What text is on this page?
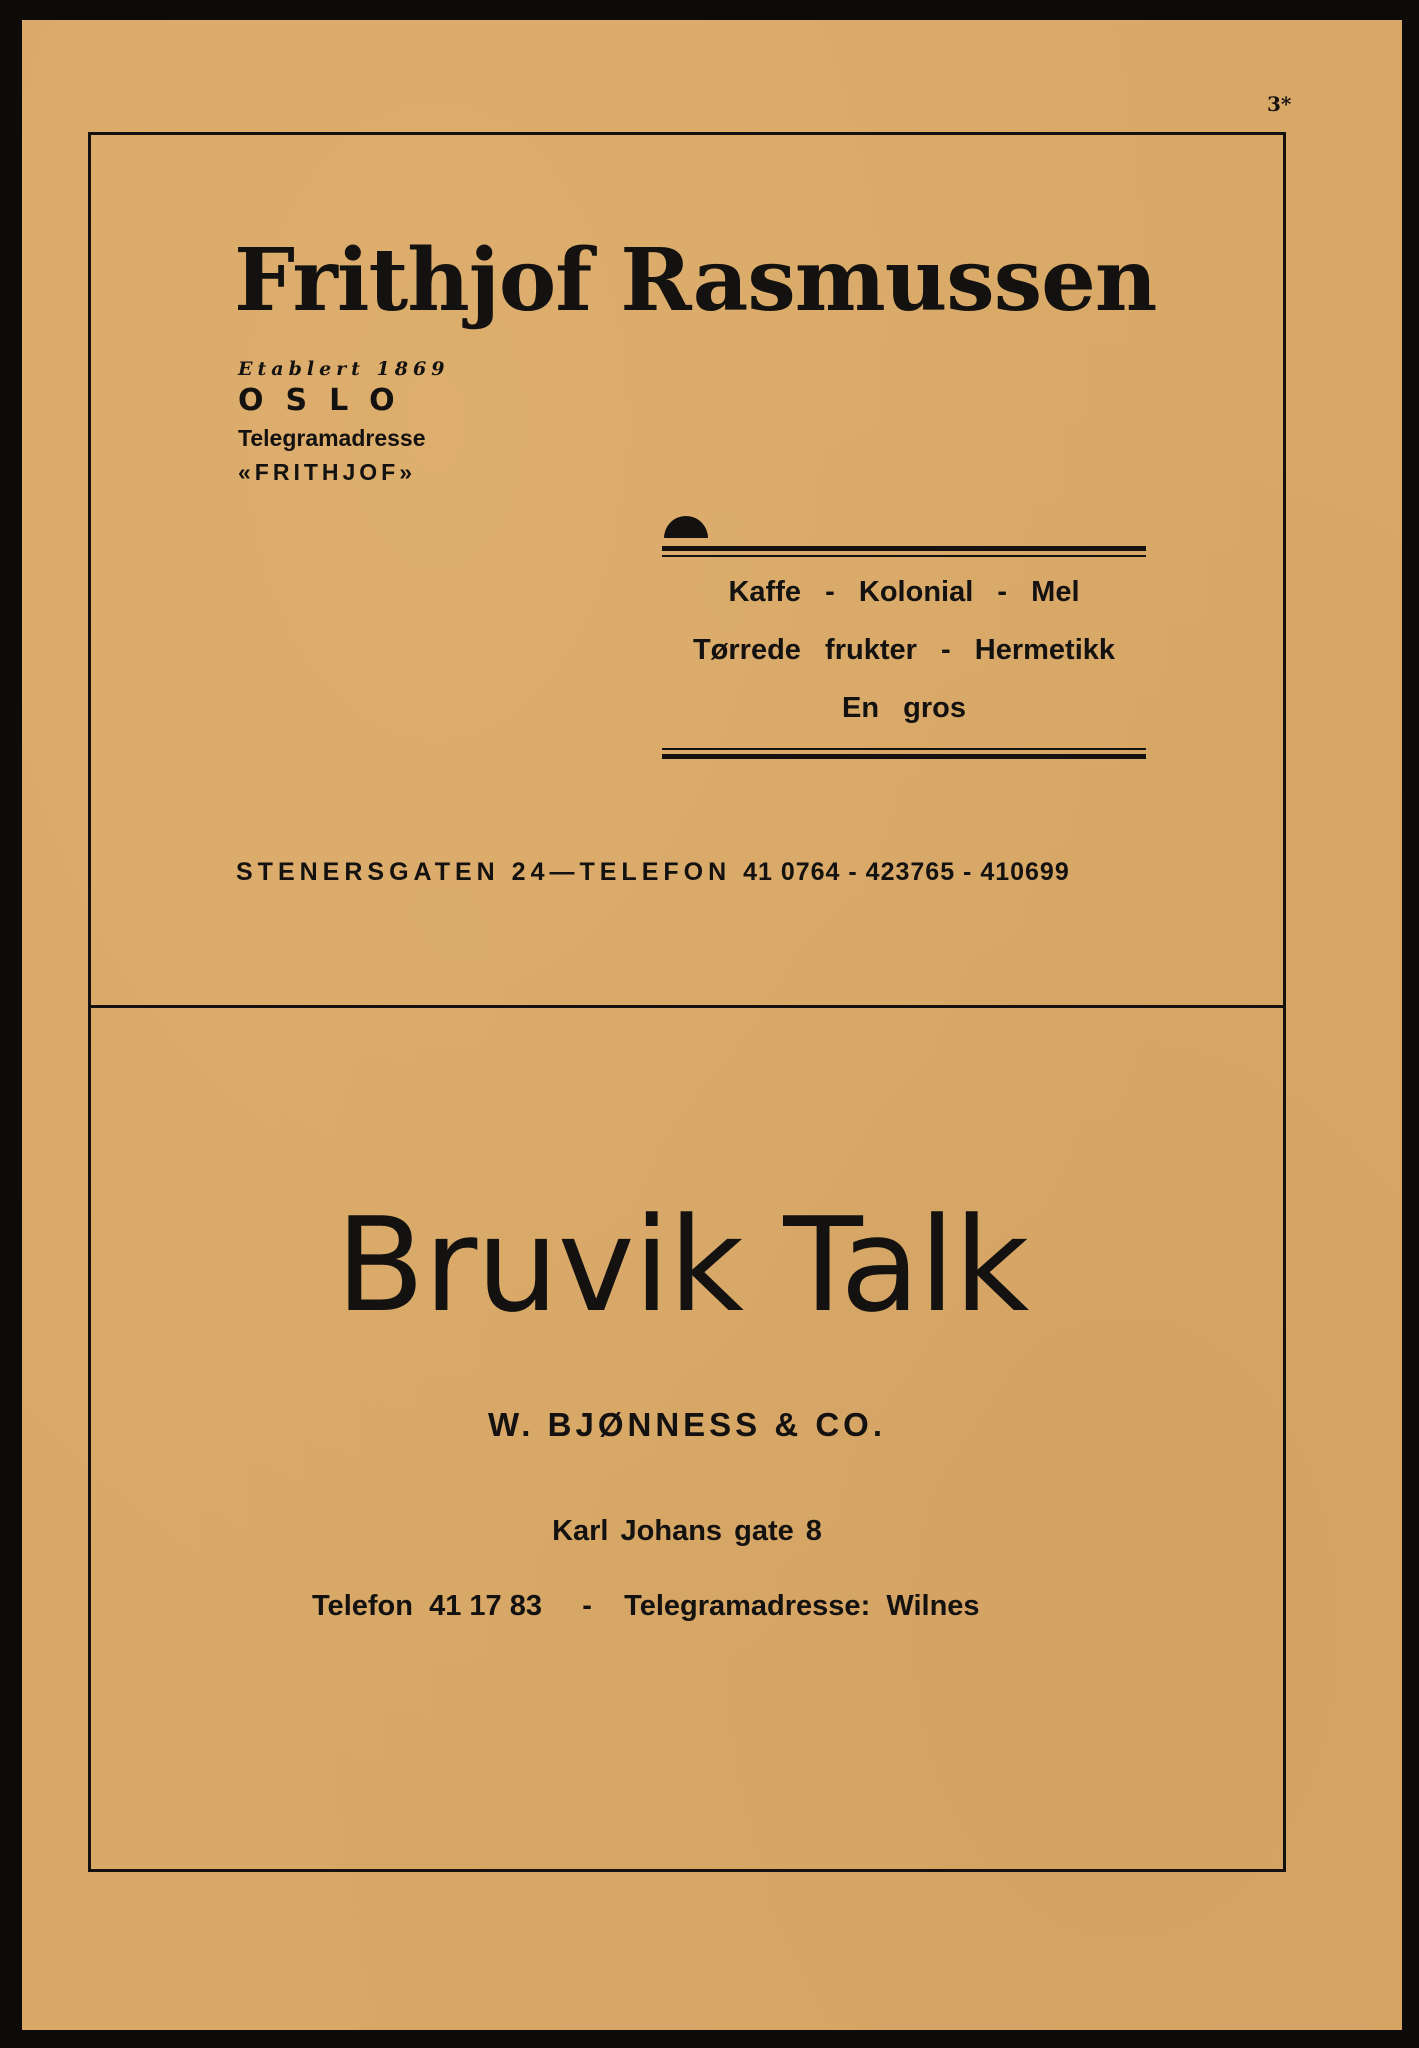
3*
Frithjof Rasmussen
Etablert 1869
OSLO
Telegramadresse
«FRITHJOF»
Kaffe  -  Kolonial  -  Mel
Tørrede  frukter  -  Hermetikk
En  gros
STENERSGATEN 24—TELEFON 41 0764 - 423765 - 410699
Bruvik Talk
W. BJØNNESS & CO.
Karl Johans gate 8
Telefon  41 17 83     -    Telegramadresse:  Wilnes
